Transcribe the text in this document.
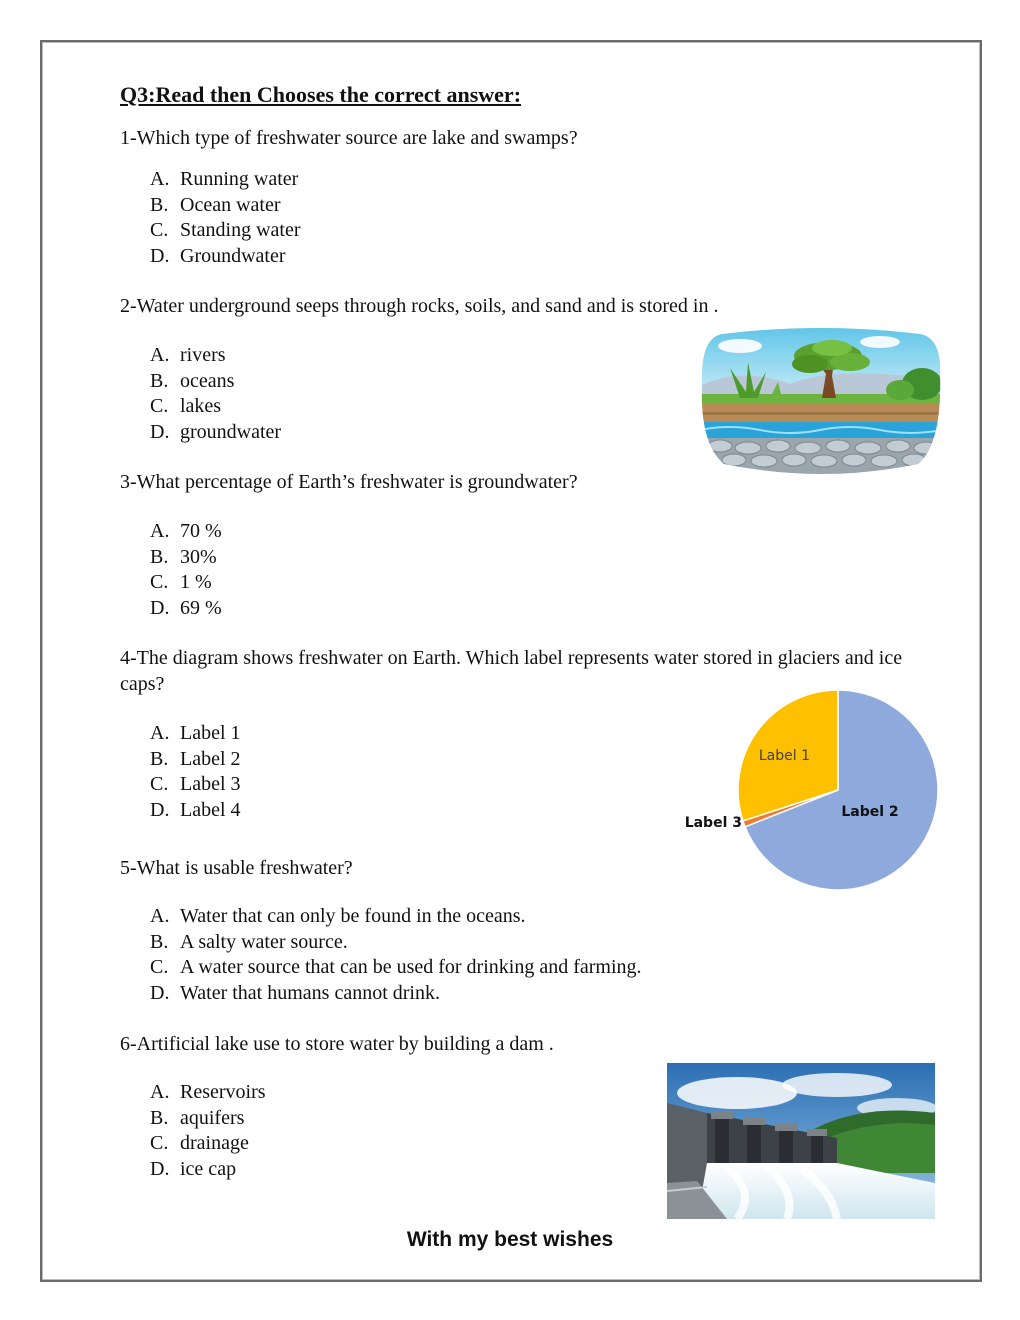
Q3:Read then Chooses the correct answer:
1-Which type of freshwater source are lake and swamps?
A. Running water
B. Ocean water
C. Standing water
D. Groundwater
2-Water underground seeps through rocks, soils, and sand and is stored in .
A. rivers
B. oceans
C. lakes
D. groundwater
3-What percentage of Earth’s freshwater is groundwater?
A. 70 %
B. 30%
C. 1 %
D. 69 %
4-The diagram shows freshwater on Earth. Which label represents water stored in glaciers and ice caps?
A. Label 1
B. Label 2
C. Label 3
D. Label 4
Label 1
Label 2
Label 3
5-What is usable freshwater?
A. Water that can only be found in the oceans.
B. A salty water source.
C. A water source that can be used for drinking and farming.
D. Water that humans cannot drink.
6-Artificial lake use to store water by building a dam .
A. Reservoirs
B. aquifers
C. drainage
D. ice cap
With my best wishes
